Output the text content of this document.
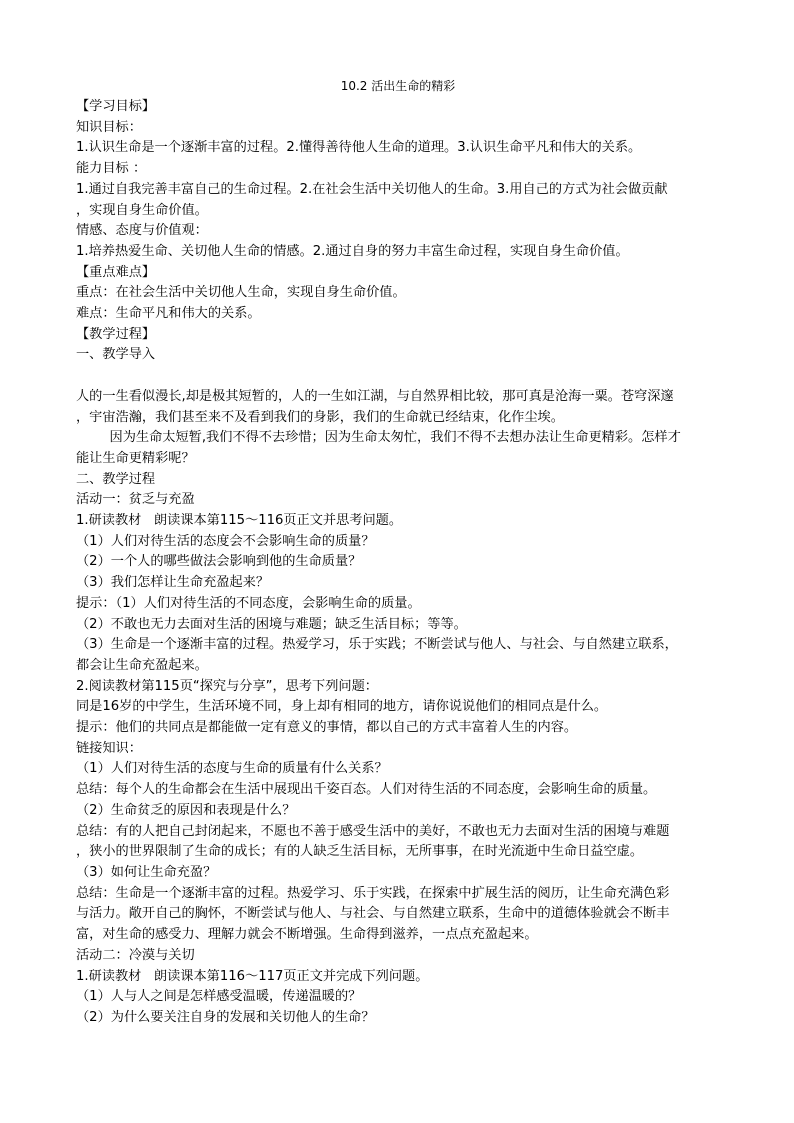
10.2 活出生命的精彩
【学习目标】
知识目标：
1.认识生命是一个逐渐丰富的过程。2.懂得善待他人生命的道理。3.认识生命平凡和伟大的关系。
能力目标 ：
1.通过自我完善丰富自己的生命过程。2.在社会生活中关切他人的生命。3.用自己的方式为社会做贡献
，实现自身生命价值。
情感、态度与价值观：
1.培养热爱生命、关切他人生命的情感。2.通过自身的努力丰富生命过程，实现自身生命价值。
【重点难点】
重点：在社会生活中关切他人生命，实现自身生命价值。
难点：生命平凡和伟大的关系。
【教学过程】
一、教学导入
人的一生看似漫长,却是极其短暂的，人的一生如江湖，与自然界相比较，那可真是沧海一粟。苍穹深邃
，宇宙浩瀚，我们甚至来不及看到我们的身影，我们的生命就已经结束，化作尘埃。
因为生命太短暂,我们不得不去珍惜；因为生命太匆忙，我们不得不去想办法让生命更精彩。怎样才
能让生命更精彩呢？
二、教学过程
活动一：贫乏与充盈
1.研读教材   朗读课本第115～116页正文并思考问题。
（1）人们对待生活的态度会不会影响生命的质量？
（2）一个人的哪些做法会影响到他的生命质量？
（3）我们怎样让生命充盈起来？
提示：（1）人们对待生活的不同态度，会影响生命的质量。
（2）不敢也无力去面对生活的困境与难题；缺乏生活目标；等等。
（3）生命是一个逐渐丰富的过程。热爱学习，乐于实践；不断尝试与他人、与社会、与自然建立联系，
都会让生命充盈起来。
2.阅读教材第115页“探究与分享”，思考下列问题：
同是16岁的中学生，生活环境不同，身上却有相同的地方，请你说说他们的相同点是什么。
提示：他们的共同点是都能做一定有意义的事情，都以自己的方式丰富着人生的内容。
链接知识：
（1）人们对待生活的态度与生命的质量有什么关系？
总结：每个人的生命都会在生活中展现出千姿百态。人们对待生活的不同态度，会影响生命的质量。
（2）生命贫乏的原因和表现是什么？
总结：有的人把自己封闭起来，不愿也不善于感受生活中的美好，不敢也无力去面对生活的困境与难题
，狭小的世界限制了生命的成长；有的人缺乏生活目标，无所事事，在时光流逝中生命日益空虚。
（3）如何让生命充盈？
总结：生命是一个逐渐丰富的过程。热爱学习、乐于实践，在探索中扩展生活的阅历，让生命充满色彩
与活力。敞开自己的胸怀，不断尝试与他人、与社会、与自然建立联系，生命中的道德体验就会不断丰
富，对生命的感受力、理解力就会不断增强。生命得到滋养，一点点充盈起来。
活动二：冷漠与关切
1.研读教材   朗读课本第116～117页正文并完成下列问题。
（1）人与人之间是怎样感受温暖，传递温暖的？
（2）为什么要关注自身的发展和关切他人的生命？
